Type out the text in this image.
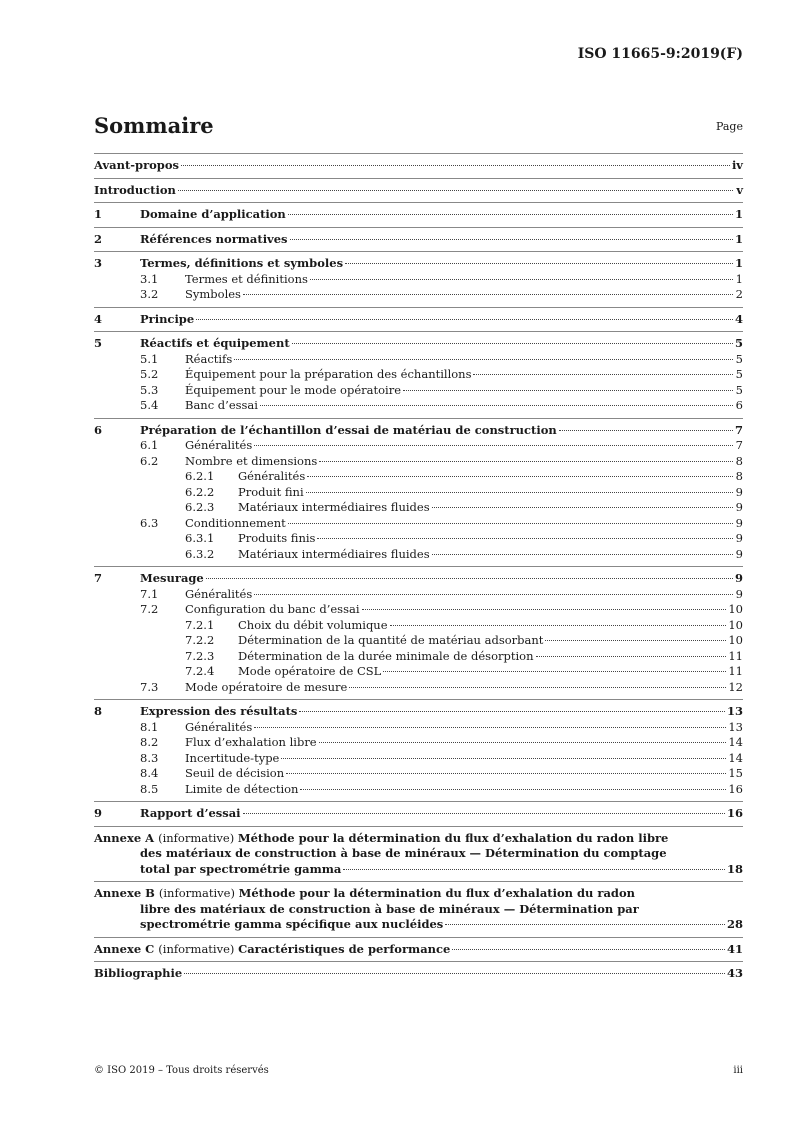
ISO 11665-9:2019(F)
Sommaire	Page
Avant-propos	iv
Introduction	v
1	Domaine d’application	1
2	Références normatives	1
3	Termes, définitions et symboles	1
3.1 Termes et définitions	1
3.2 Symboles	2
4	Principe	4
5	Réactifs et équipement	5
5.1 Réactifs	5
5.2 Équipement pour la préparation des échantillons	5
5.3 Équipement pour le mode opératoire	5
5.4 Banc d’essai	6
6	Préparation de l’échantillon d’essai de matériau de construction	7
6.1 Généralités	7
6.2 Nombre et dimensions	8
6.2.1 Généralités	8
6.2.2 Produit fini	9
6.2.3 Matériaux intermédiaires fluides	9
6.3 Conditionnement	9
6.3.1 Produits finis	9
6.3.2 Matériaux intermédiaires fluides	9
7	Mesurage	9
7.1 Généralités	9
7.2 Configuration du banc d’essai	10
7.2.1 Choix du débit volumique	10
7.2.2 Détermination de la quantité de matériau adsorbant	10
7.2.3 Détermination de la durée minimale de désorption	11
7.2.4 Mode opératoire de CSL	11
7.3 Mode opératoire de mesure	12
8	Expression des résultats	13
8.1 Généralités	13
8.2 Flux d’exhalation libre	14
8.3 Incertitude-type	14
8.4 Seuil de décision	15
8.5 Limite de détection	16
9	Rapport d’essai	16
Annexe A (informative) Méthode pour la détermination du flux d’exhalation du radon libre
des matériaux de construction à base de minéraux — Détermination du comptage
total par spectrométrie gamma	18
Annexe B (informative) Méthode pour la détermination du flux d’exhalation du radon
libre des matériaux de construction à base de minéraux — Détermination par
spectrométrie gamma spécifique aux nucléides	28
Annexe C (informative) Caractéristiques de performance	41
Bibliographie	43
© ISO 2019 – Tous droits réservés	iii
